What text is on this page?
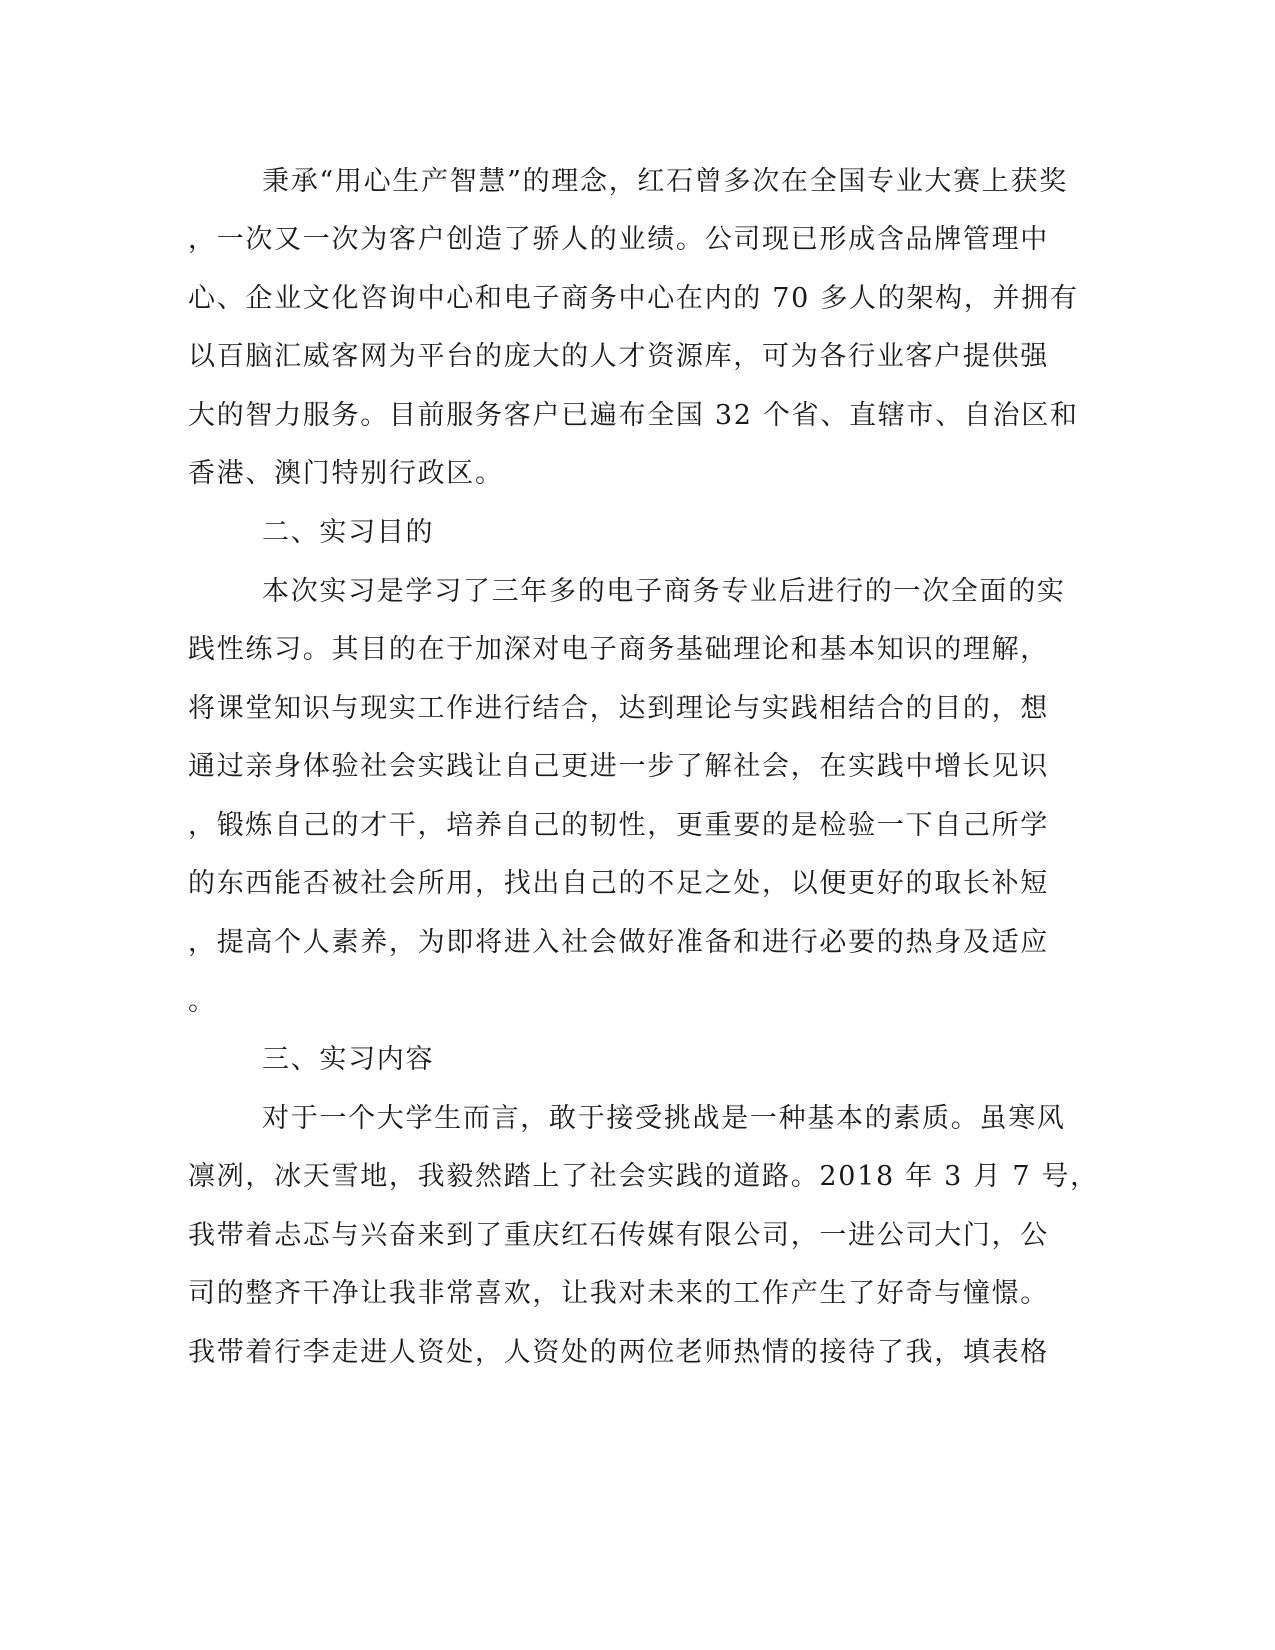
秉承“用心生产智慧”的理念，红石曾多次在全国专业大赛上获奖
，一次又一次为客户创造了骄人的业绩。公司现已形成含品牌管理中
心、企业文化咨询中心和电子商务中心在内的 70 多人的架构，并拥有
以百脑汇威客网为平台的庞大的人才资源库，可为各行业客户提供强
大的智力服务。目前服务客户已遍布全国 32 个省、直辖市、自治区和
香港、澳门特别行政区。
二、实习目的
本次实习是学习了三年多的电子商务专业后进行的一次全面的实
践性练习。其目的在于加深对电子商务基础理论和基本知识的理解，
将课堂知识与现实工作进行结合，达到理论与实践相结合的目的，想
通过亲身体验社会实践让自己更进一步了解社会，在实践中增长见识
，锻炼自己的才干，培养自己的韧性，更重要的是检验一下自己所学
的东西能否被社会所用，找出自己的不足之处，以便更好的取长补短
，提高个人素养，为即将进入社会做好准备和进行必要的热身及适应
。
三、实习内容
对于一个大学生而言，敢于接受挑战是一种基本的素质。虽寒风
凛冽，冰天雪地，我毅然踏上了社会实践的道路。2018 年 3 月 7 号，
我带着忐忑与兴奋来到了重庆红石传媒有限公司，一进公司大门，公
司的整齐干净让我非常喜欢，让我对未来的工作产生了好奇与憧憬。
我带着行李走进人资处，人资处的两位老师热情的接待了我，填表格
